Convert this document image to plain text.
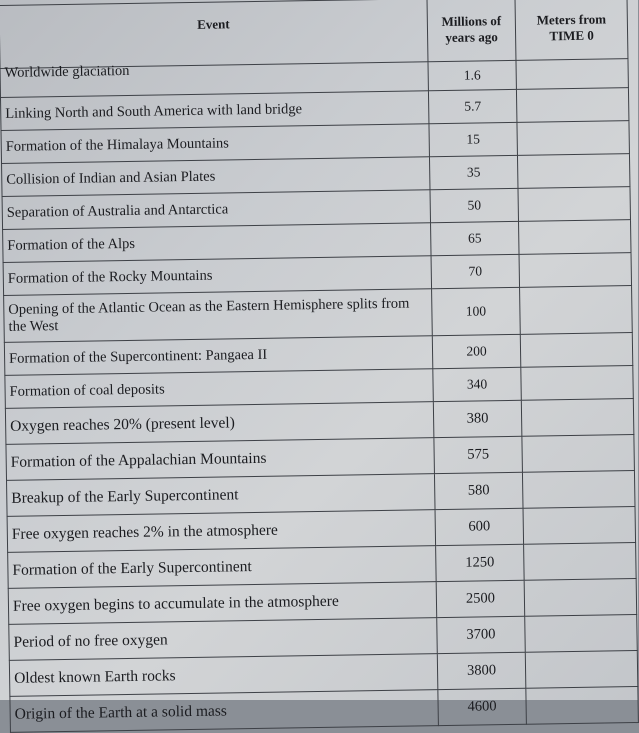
Event	Millions of years ago	Meters from TIME 0
Worldwide glaciation	1.6	
Linking North and South America with land bridge	5.7	
Formation of the Himalaya Mountains	15	
Collision of Indian and Asian Plates	35	
Separation of Australia and Antarctica	50	
Formation of the Alps	65	
Formation of the Rocky Mountains	70	
Opening of the Atlantic Ocean as the Eastern Hemisphere splits from the West	100	
Formation of the Supercontinent: Pangaea II	200	
Formation of coal deposits	340	
Oxygen reaches 20% (present level)	380	
Formation of the Appalachian Mountains	575	
Breakup of the Early Supercontinent	580	
Free oxygen reaches 2% in the atmosphere	600	
Formation of the Early Supercontinent	1250	
Free oxygen begins to accumulate in the atmosphere	2500	
Period of no free oxygen	3700	
Oldest known Earth rocks	3800	
Origin of the Earth at a solid mass	4600	
